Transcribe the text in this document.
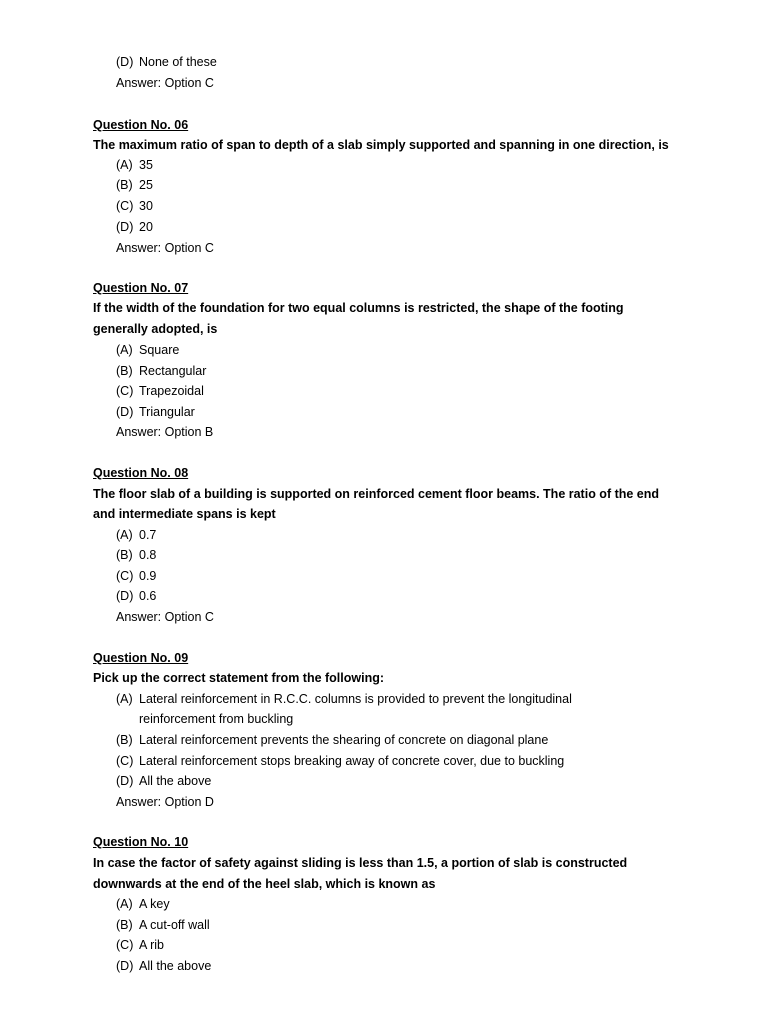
(D) None of these
Answer: Option C
Question No. 06
The maximum ratio of span to depth of a slab simply supported and spanning in one direction, is
(A) 35
(B) 25
(C) 30
(D) 20
Answer: Option C
Question No. 07
If the width of the foundation for two equal columns is restricted, the shape of the footing
generally adopted, is
(A) Square
(B) Rectangular
(C) Trapezoidal
(D) Triangular
Answer: Option B
Question No. 08
The floor slab of a building is supported on reinforced cement floor beams. The ratio of the end
and intermediate spans is kept
(A) 0.7
(B) 0.8
(C) 0.9
(D) 0.6
Answer: Option C
Question No. 09
Pick up the correct statement from the following:
(A) Lateral reinforcement in R.C.C. columns is provided to prevent the longitudinal
reinforcement from buckling
(B) Lateral reinforcement prevents the shearing of concrete on diagonal plane
(C) Lateral reinforcement stops breaking away of concrete cover, due to buckling
(D) All the above
Answer: Option D
Question No. 10
In case the factor of safety against sliding is less than 1.5, a portion of slab is constructed
downwards at the end of the heel slab, which is known as
(A) A key
(B) A cut-off wall
(C) A rib
(D) All the above
